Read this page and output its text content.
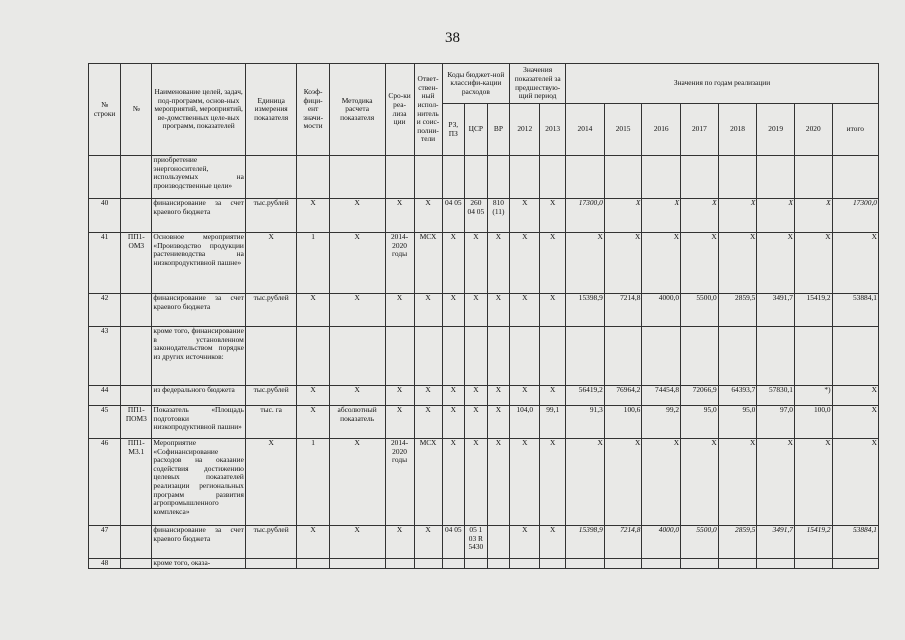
38
№ строки	№	Наименование целей, задач, под-программ, основ-ных мероприятий, мероприятий, ве-домственных целе-вых программ, показателей	Единица измерения показателя	Коэф-фици-ент значи-мости	Методика расчета показателя	Сро-ки реа-лиза ции	Ответ-ствен-ный испол-нитель и соис-полни-тели	Коды бюджет-ной классифи-кации расходов			Значения показателей за предшествую-щий период		Значения по годам реализации							
								РЗ, ПЗ	ЦСР	ВР	2012	2013	2014	2015	2016	2017	2018	2019	2020	итого
		приобретение энергоносителей, используемых на производственные цели»																		
40		финансирование за счет краевого бюджета	тыс.рублей	Х	Х	Х	Х	04 05	260 04 05	810 (11)	Х	Х	17300,0	Х	Х	Х	Х	Х	Х	17300,0
41	ПП1-ОМ3	Основное мероприятие «Производство продукции растениеводства на низкопродуктивной пашне»	Х	1	Х	2014-2020 годы	МСХ	Х	Х	Х	Х	Х	Х	Х	Х	Х	Х	Х	Х	Х
42		финансирование за счет краевого бюджета	тыс.рублей	Х	Х	Х	Х	Х	Х	Х	Х	Х	15398,9	7214,8	4000,0	5500,0	2859,5	3491,7	15419,2	53884,1
43		кроме того, финансирование в установленном законодательством порядке из других источников:																		
44		из федерального бюджета	тыс.рублей	Х	Х	Х	Х	Х	Х	Х	Х	Х	56419,2	76964,2	74454,8	72066,9	64393,7	57830,1	*)	Х
45	ПП1-ПОМ3	Показатель «Площадь подготовки низкопродуктивной пашни»	тыс. га	Х	абсолютный показатель	Х	Х	Х	Х	Х	104,0	99,1	91,3	100,6	99,2	95,0	95,0	97,0	100,0	Х
46	ПП1-М3.1	Мероприятие «Софинансирование расходов на оказание содействия достижению целевых показателей реализации региональных программ развития агропромышленного комплекса»	Х	1	Х	2014-2020 годы	МСХ	Х	Х	Х	Х	Х	Х	Х	Х	Х	Х	Х	Х	Х
47		финансирование за счет краевого бюджета	тыс.рублей	Х	Х	Х	Х	04 05	05 1 03 R 5430		Х	Х	15398,9	7214,8	4000,0	5500,0	2859,5	3491,7	15419,2	53884,1
48		кроме того, оказа-																		
